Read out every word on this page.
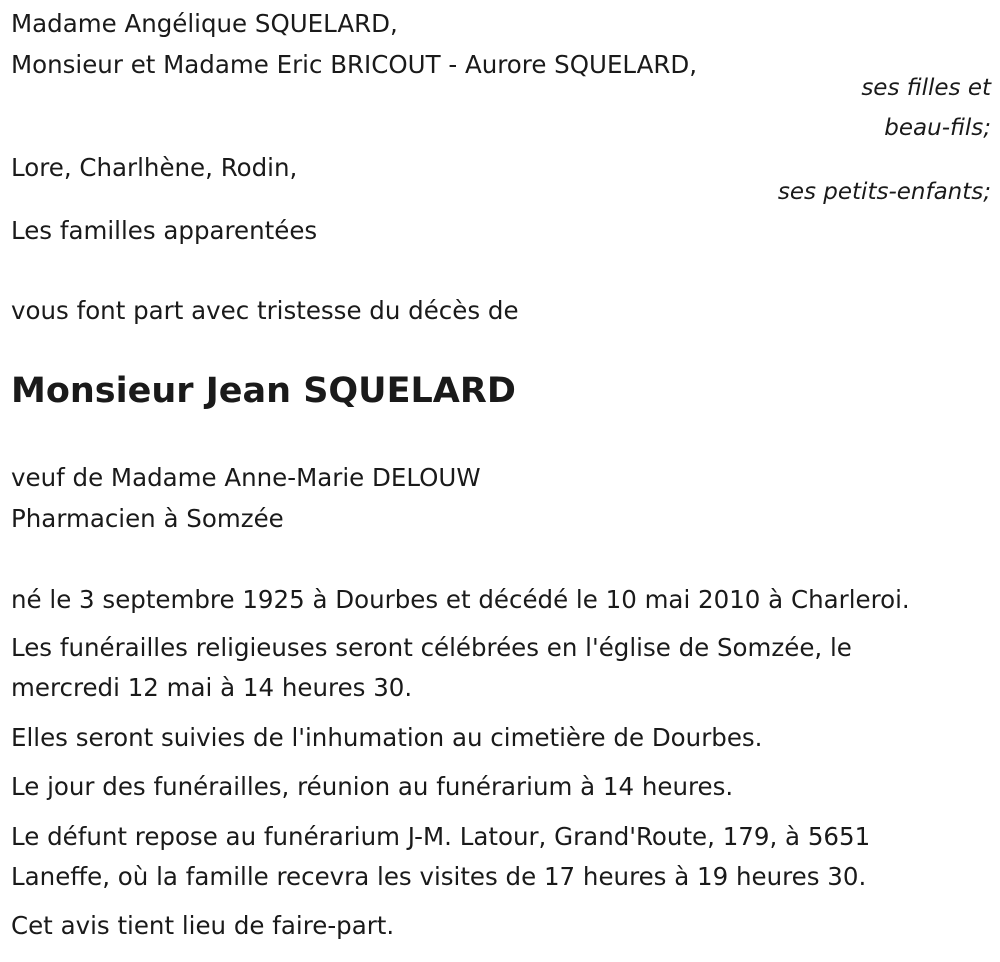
Madame Angélique SQUELARD,
Monsieur et Madame Eric BRICOUT - Aurore SQUELARD,
ses filles et
beau-fils;
Lore, Charlhène, Rodin,
ses petits-enfants;
Les familles apparentées
vous font part avec tristesse du décès de
Monsieur Jean SQUELARD
veuf de Madame Anne-Marie DELOUW
Pharmacien à Somzée
né le 3 septembre 1925 à Dourbes et décédé le 10 mai 2010 à Charleroi.
Les funérailles religieuses seront célébrées en l'église de Somzée, le
mercredi 12 mai à 14 heures 30.
Elles seront suivies de l'inhumation au cimetière de Dourbes.
Le jour des funérailles, réunion au funérarium à 14 heures.
Le défunt repose au funérarium J-M. Latour, Grand'Route, 179, à 5651
Laneffe, où la famille recevra les visites de 17 heures à 19 heures 30.
Cet avis tient lieu de faire-part.
